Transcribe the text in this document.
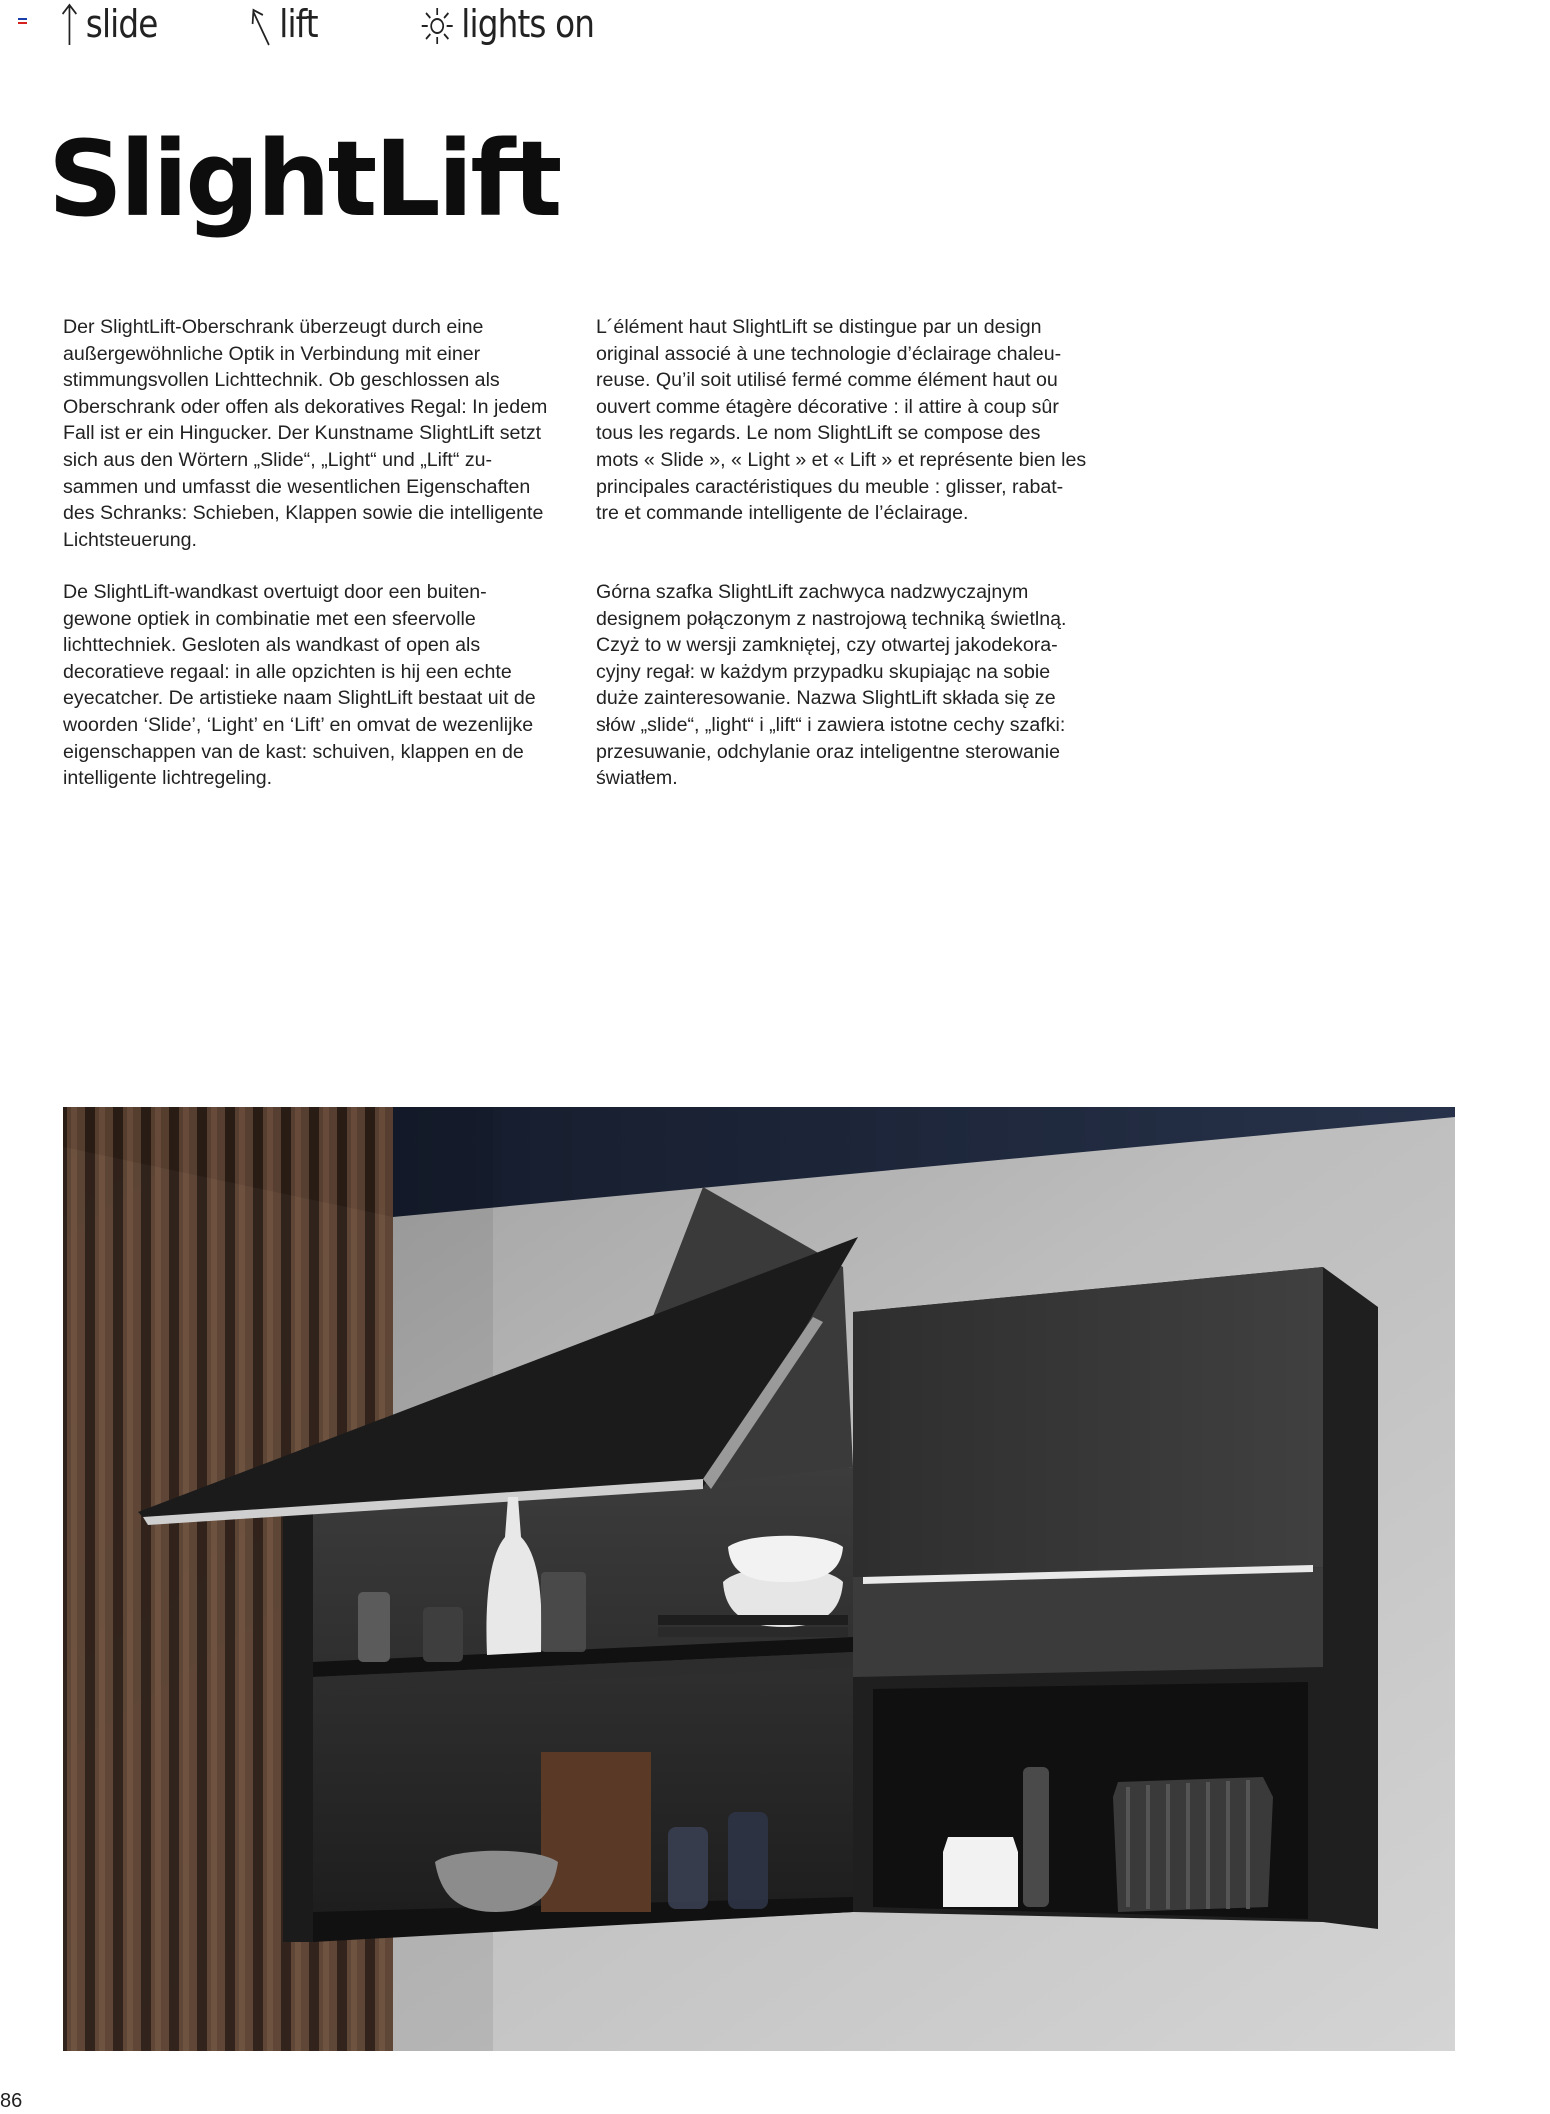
slide	lift	lights on
SlightLift

Der SlightLift-Oberschrank überzeugt durch eine
außergewöhnliche Optik in Verbindung mit einer
stimmungsvollen Lichttechnik. Ob geschlossen als
Oberschrank oder offen als dekoratives Regal: In jedem
Fall ist er ein Hingucker. Der Kunstname SlightLift setzt
sich aus den Wörtern „Slide“, „Light“ und „Lift“ zu-
sammen und umfasst die wesentlichen Eigenschaften
des Schranks: Schieben, Klappen sowie die intelligente
Lichtsteuerung.

L´élément haut SlightLift se distingue par un design
original associé à une technologie d’éclairage chaleu-
reuse. Qu’il soit utilisé fermé comme élément haut ou
ouvert comme étagère décorative : il attire à coup sûr
tous les regards. Le nom SlightLift se compose des
mots « Slide », « Light » et « Lift » et représente bien les
principales caractéristiques du meuble : glisser, rabat-
tre et commande intelligente de l’éclairage.

De SlightLift-wandkast overtuigt door een buiten-
gewone optiek in combinatie met een sfeervolle
lichttechniek. Gesloten als wandkast of open als
decoratieve regaal: in alle opzichten is hij een echte
eyecatcher. De artistieke naam SlightLift bestaat uit de
woorden ‘Slide’, ‘Light’ en ‘Lift’ en omvat de wezenlijke
eigenschappen van de kast: schuiven, klappen en de
intelligente lichtregeling.

Górna szafka SlightLift zachwyca nadzwyczajnym
designem połączonym z nastrojową techniką świetlną.
Czyż to w wersji zamkniętej, czy otwartej jakodekora-
cyjny regał: w każdym przypadku skupiając na sobie
duże zainteresowanie. Nazwa SlightLift składa się ze
słów „slide“, „light“ i „lift“ i zawiera istotne cechy szafki:
przesuwanie, odchylanie oraz inteligentne sterowanie
światłem.

86
